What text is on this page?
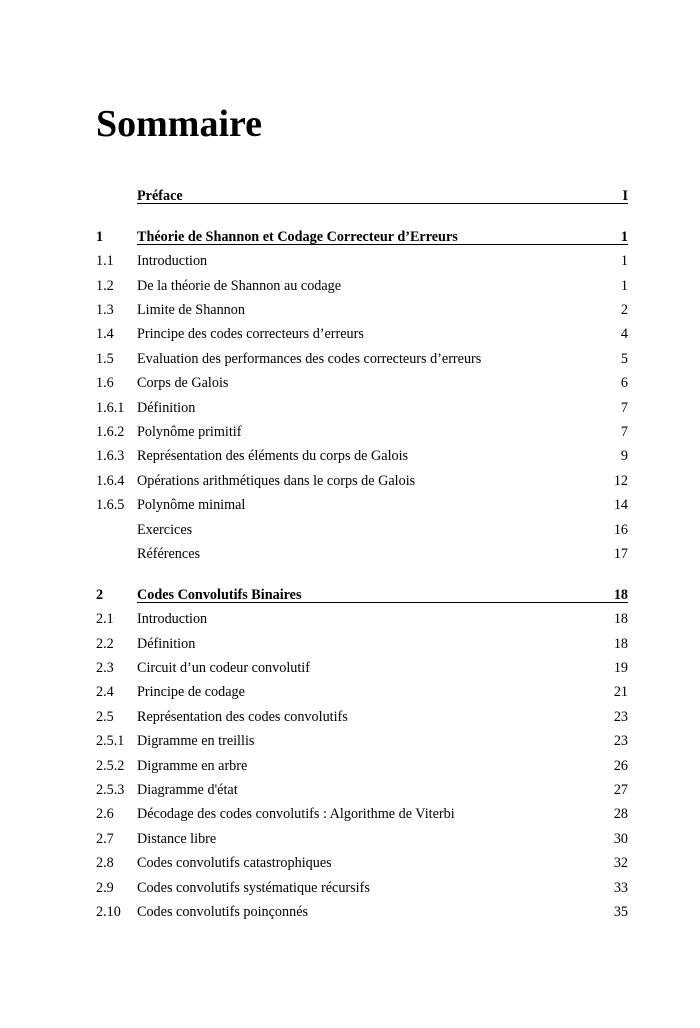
Sommaire
Préface	I
1 Théorie de Shannon et Codage Correcteur d’Erreurs	1
1.1 Introduction	1
1.2 De la théorie de Shannon au codage	1
1.3 Limite de Shannon	2
1.4 Principe des codes correcteurs d’erreurs	4
1.5 Evaluation des performances des codes correcteurs d’erreurs	5
1.6 Corps de Galois	6
1.6.1 Définition	7
1.6.2 Polynôme primitif	7
1.6.3 Représentation des éléments du corps de Galois	9
1.6.4 Opérations arithmétiques dans le corps de Galois	12
1.6.5 Polynôme minimal	14
Exercices	16
Références	17
2 Codes Convolutifs Binaires	18
2.1 Introduction	18
2.2 Définition	18
2.3 Circuit d’un codeur convolutif	19
2.4 Principe de codage	21
2.5 Représentation des codes convolutifs	23
2.5.1 Digramme en treillis	23
2.5.2 Digramme en arbre	26
2.5.3 Diagramme d'état	27
2.6 Décodage des codes convolutifs : Algorithme de Viterbi	28
2.7 Distance libre	30
2.8 Codes convolutifs catastrophiques	32
2.9 Codes convolutifs systématique récursifs	33
2.10 Codes convolutifs poinçonnés	35
